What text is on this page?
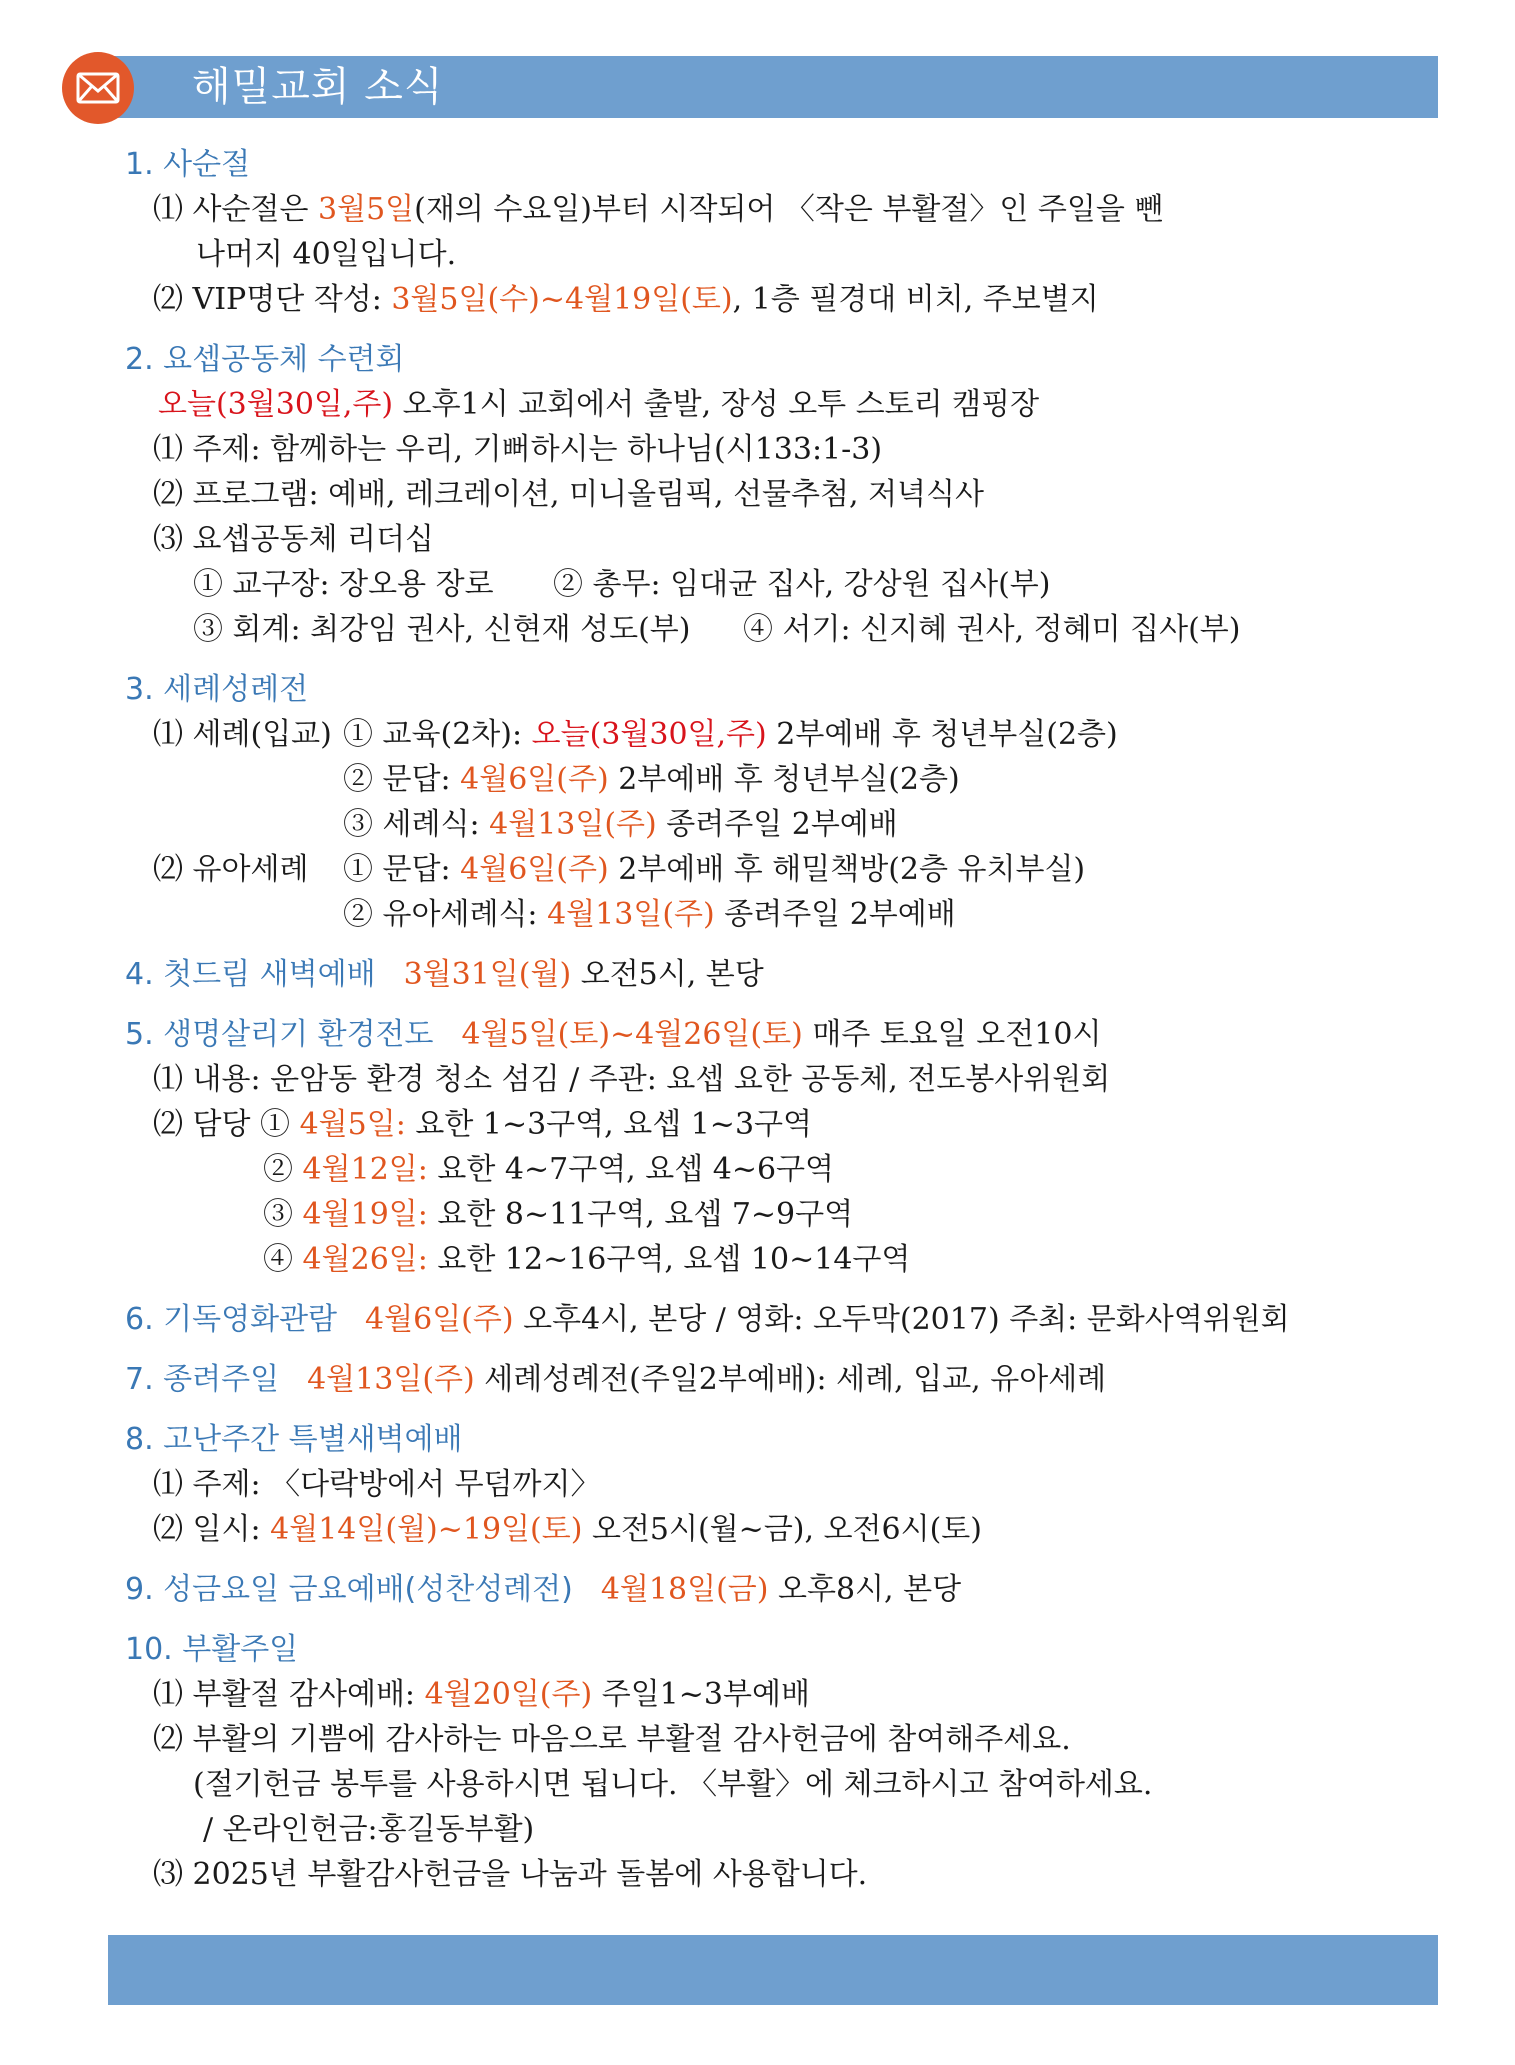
해밀교회 소식
1. 사순절
⑴ 사순절은 3월5일(재의 수요일)부터 시작되어 〈작은 부활절〉인 주일을 뺀
나머지 40일입니다.
⑵ VIP명단 작성: 3월5일(수)~4월19일(토), 1층 필경대 비치, 주보별지
2. 요셉공동체 수련회
오늘(3월30일,주) 오후1시 교회에서 출발, 장성 오투 스토리 캠핑장
⑴ 주제: 함께하는 우리, 기뻐하시는 하나님(시133:1-3)
⑵ 프로그램: 예배, 레크레이션, 미니올림픽, 선물추첨, 저녁식사
⑶ 요셉공동체 리더십
① 교구장: 장오용 장로 ② 총무: 임대균 집사, 강상원 집사(부)
③ 회계: 최강임 권사, 신현재 성도(부) ④ 서기: 신지혜 권사, 정혜미 집사(부)
3. 세례성례전
⑴ 세례(입교) ① 교육(2차): 오늘(3월30일,주) 2부예배 후 청년부실(2층)
② 문답: 4월6일(주) 2부예배 후 청년부실(2층)
③ 세례식: 4월13일(주) 종려주일 2부예배
⑵ 유아세례 ① 문답: 4월6일(주) 2부예배 후 해밀책방(2층 유치부실)
② 유아세례식: 4월13일(주) 종려주일 2부예배
4. 첫드림 새벽예배 3월31일(월) 오전5시, 본당
5. 생명살리기 환경전도 4월5일(토)~4월26일(토) 매주 토요일 오전10시
⑴ 내용: 운암동 환경 청소 섬김 / 주관: 요셉 요한 공동체, 전도봉사위원회
⑵ 담당 ① 4월5일: 요한 1~3구역, 요셉 1~3구역
② 4월12일: 요한 4~7구역, 요셉 4~6구역
③ 4월19일: 요한 8~11구역, 요셉 7~9구역
④ 4월26일: 요한 12~16구역, 요셉 10~14구역
6. 기독영화관람 4월6일(주) 오후4시, 본당 / 영화: 오두막(2017) 주최: 문화사역위원회
7. 종려주일 4월13일(주) 세례성례전(주일2부예배): 세례, 입교, 유아세례
8. 고난주간 특별새벽예배
⑴ 주제: 〈다락방에서 무덤까지〉
⑵ 일시: 4월14일(월)~19일(토) 오전5시(월~금), 오전6시(토)
9. 성금요일 금요예배(성찬성례전) 4월18일(금) 오후8시, 본당
10. 부활주일
⑴ 부활절 감사예배: 4월20일(주) 주일1~3부예배
⑵ 부활의 기쁨에 감사하는 마음으로 부활절 감사헌금에 참여해주세요.
(절기헌금 봉투를 사용하시면 됩니다. 〈부활〉에 체크하시고 참여하세요.
/ 온라인헌금:홍길동부활)
⑶ 2025년 부활감사헌금을 나눔과 돌봄에 사용합니다.
